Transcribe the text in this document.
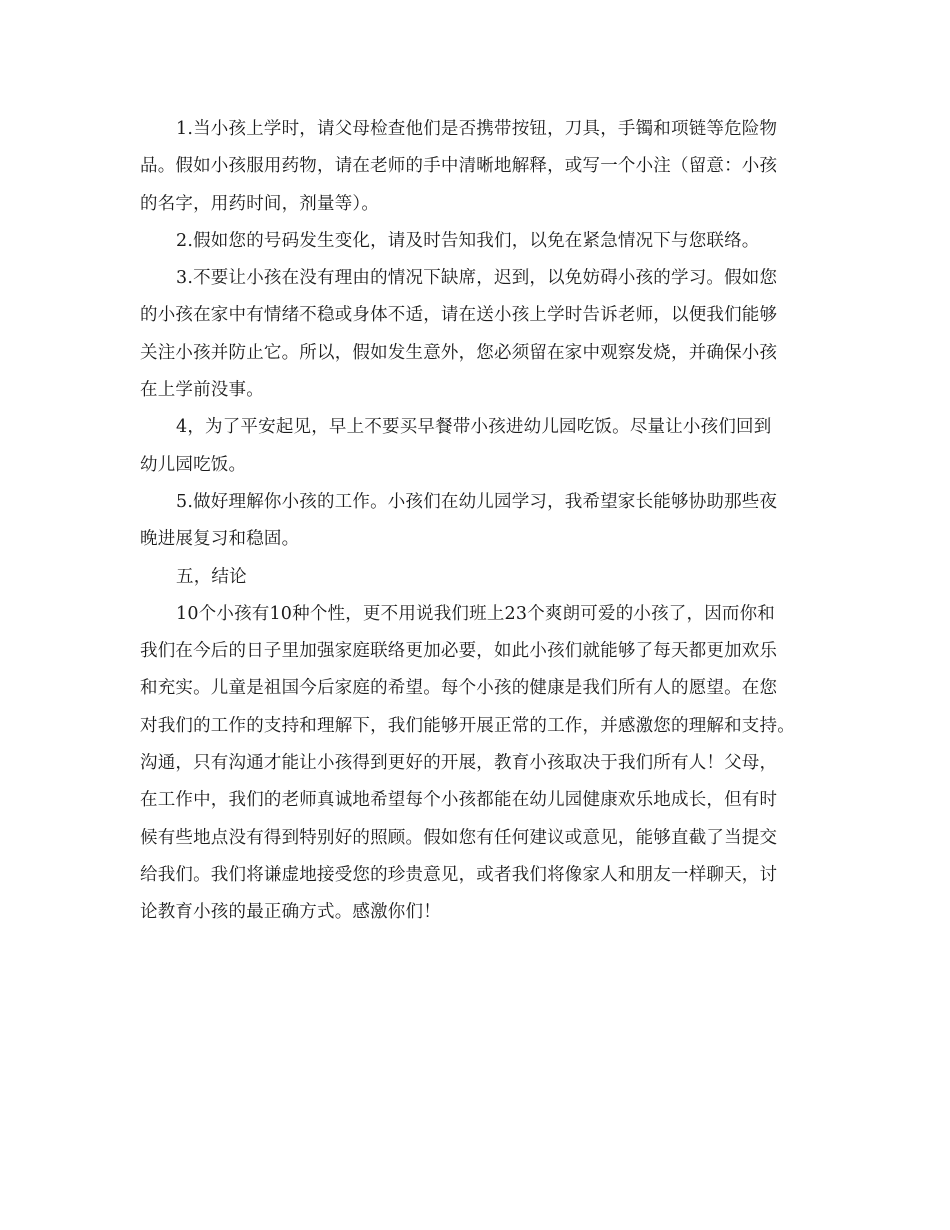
1.当小孩上学时，请父母检查他们是否携带按钮，刀具，手镯和项链等危险物
品。假如小孩服用药物，请在老师的手中清晰地解释，或写一个小注（留意：小孩
的名字，用药时间，剂量等）。
2.假如您的号码发生变化，请及时告知我们，以免在紧急情况下与您联络。
3.不要让小孩在没有理由的情况下缺席，迟到，以免妨碍小孩的学习。假如您
的小孩在家中有情绪不稳或身体不适，请在送小孩上学时告诉老师，以便我们能够
关注小孩并防止它。所以，假如发生意外，您必须留在家中观察发烧，并确保小孩
在上学前没事。
4，为了平安起见，早上不要买早餐带小孩进幼儿园吃饭。尽量让小孩们回到
幼儿园吃饭。
5.做好理解你小孩的工作。小孩们在幼儿园学习，我希望家长能够协助那些夜
晚进展复习和稳固。
五，结论
10个小孩有10种个性，更不用说我们班上23个爽朗可爱的小孩了，因而你和
我们在今后的日子里加强家庭联络更加必要，如此小孩们就能够了每天都更加欢乐
和充实。儿童是祖国今后家庭的希望。每个小孩的健康是我们所有人的愿望。在您
对我们的工作的支持和理解下，我们能够开展正常的工作，并感激您的理解和支持。
沟通，只有沟通才能让小孩得到更好的开展，教育小孩取决于我们所有人！父母，
在工作中，我们的老师真诚地希望每个小孩都能在幼儿园健康欢乐地成长，但有时
候有些地点没有得到特别好的照顾。假如您有任何建议或意见，能够直截了当提交
给我们。我们将谦虚地接受您的珍贵意见，或者我们将像家人和朋友一样聊天，讨
论教育小孩的最正确方式。感激你们！
